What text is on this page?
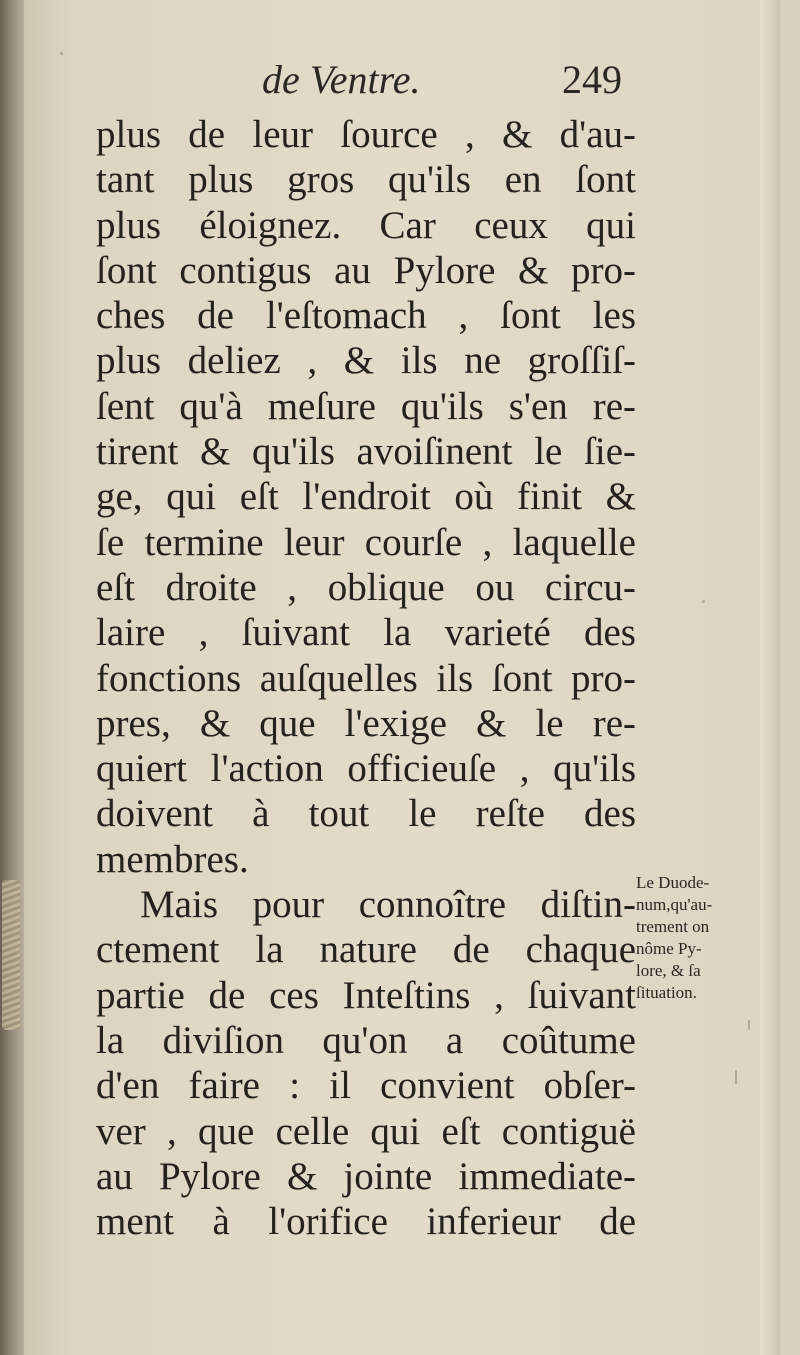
de Ventre.	249
plus de leur ſource , & d'au-
tant plus gros qu'ils en ſont
plus éloignez. Car ceux qui
ſont contigus au Pylore & pro-
ches de l'eſtomach , ſont les
plus deliez , & ils ne groſſiſ-
ſent qu'à meſure qu'ils s'en re-
tirent & qu'ils avoiſinent le ſie-
ge, qui eſt l'endroit où finit &
ſe termine leur courſe , laquelle
eſt droite , oblique ou circu-
laire , ſuivant la varieté des
fonctions auſquelles ils ſont pro-
pres, & que l'exige & le re-
quiert l'action officieuſe , qu'ils
doivent à tout le reſte des
membres.
Mais pour connoître diſtin-
ctement la nature de chaque
partie de ces Inteſtins , ſuivant
la diviſion qu'on a coûtume
d'en faire : il convient obſer-
ver , que celle qui eſt contiguë
au Pylore & jointe immediate-
ment à l'orifice inferieur de
Le Duode-
num,qu'au-
trement on
nôme Py-
lore, & ſa
ſituation.
